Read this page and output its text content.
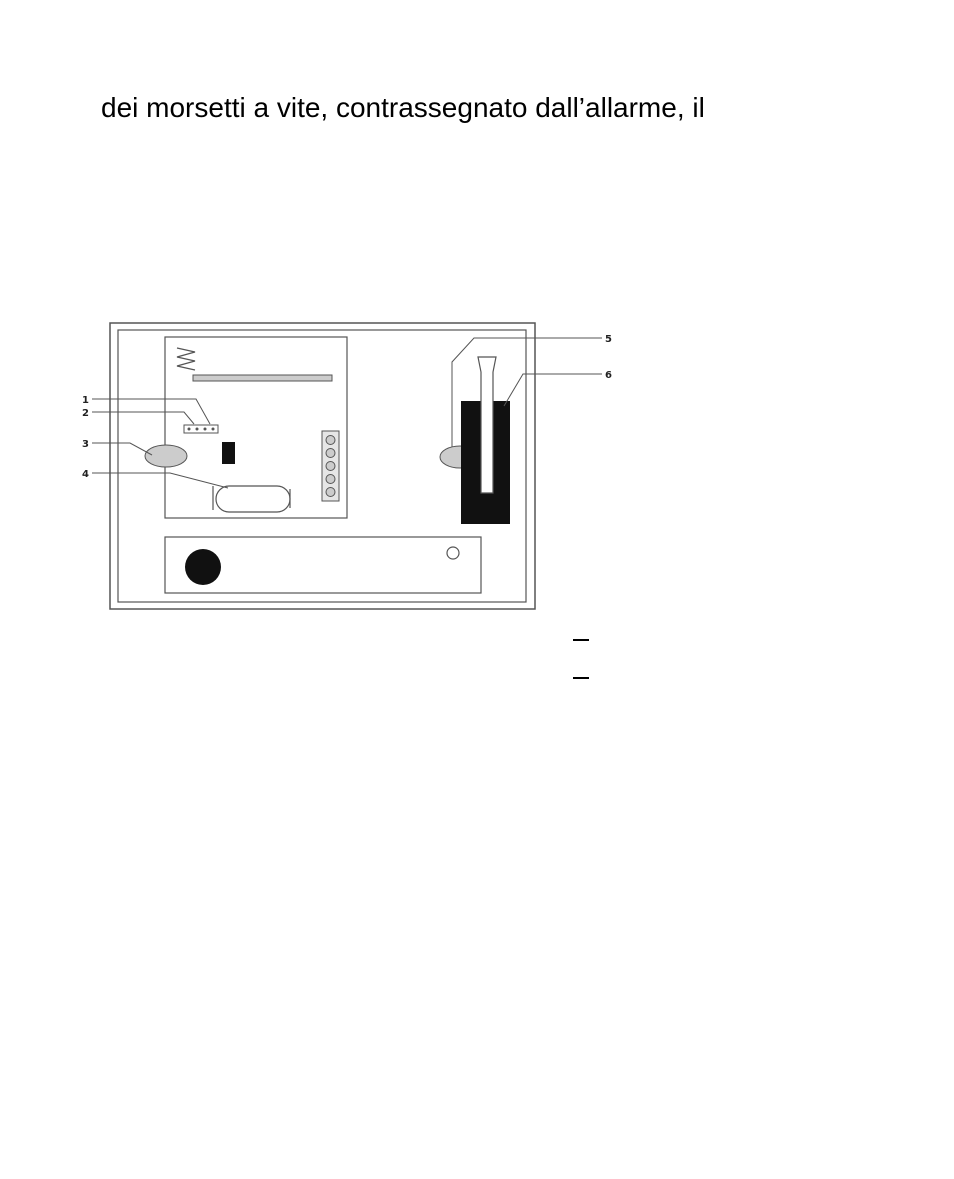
dei morsetti a vite, contrassegnato dall’allarme, il
1
2
3
4
5
6
